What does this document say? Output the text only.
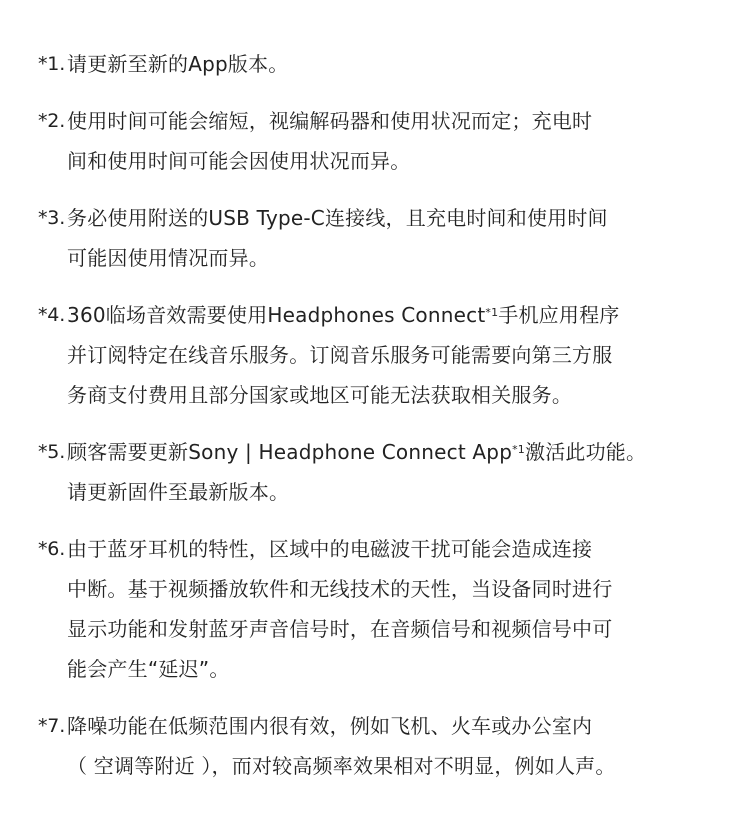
*1. 请更新至新的App版本。
*2. 使用时间可能会缩短，视编解码器和使用状况而定；充电时
间和使用时间可能会因使用状况而异。
*3. 务必使用附送的USB Type-C连接线，且充电时间和使用时间
可能因使用情况而异。
*4. 360临场音效需要使用Headphones Connect$^{*1}$手机应用程序
并订阅特定在线音乐服务。订阅音乐服务可能需要向第三方服
务商支付费用且部分国家或地区可能无法获取相关服务。
*5. 顾客需要更新Sony | Headphone Connect App$^{*1}$激活此功能。
请更新固件至最新版本。
*6. 由于蓝牙耳机的特性，区域中的电磁波干扰可能会造成连接
中断。基于视频播放软件和无线技术的天性，当设备同时进行
显示功能和发射蓝牙声音信号时，在音频信号和视频信号中可
能会产生“延迟”。
*7. 降噪功能在低频范围内很有效，例如飞机、火车或办公室内
（ 空调等附近 ），而对较高频率效果相对不明显，例如人声。
